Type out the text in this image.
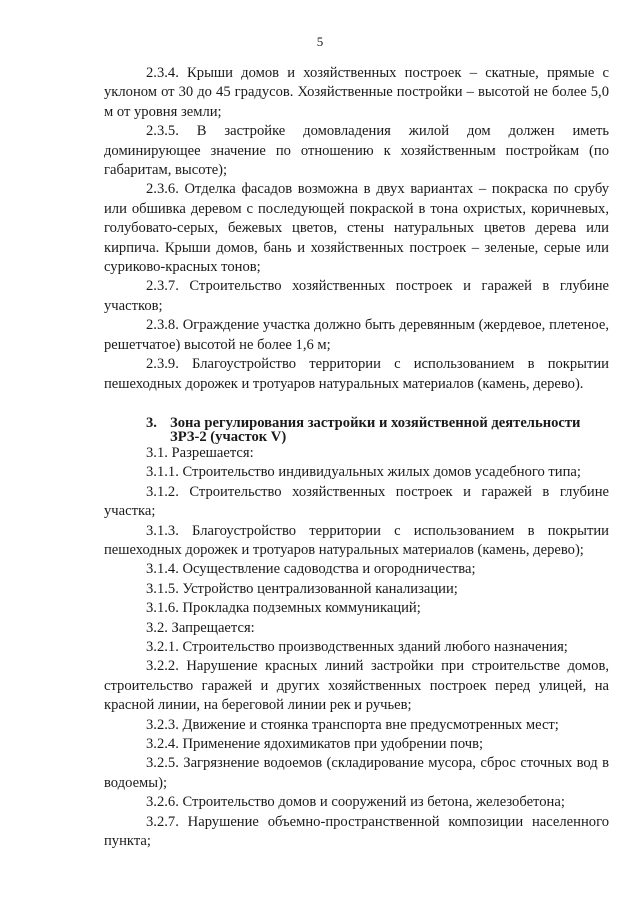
5

2.3.4. Крыши домов и хозяйственных построек – скатные, прямые с уклоном от 30 до 45 градусов. Хозяйственные постройки – высотой не более 5,0 м от уровня земли;

2.3.5. В застройке домовладения жилой дом должен иметь доминирующее значение по отношению к хозяйственным постройкам (по габаритам, высоте);

2.3.6. Отделка фасадов возможна в двух вариантах – покраска по срубу или обшивка деревом с последующей покраской в тона охристых, коричневых, голубовато-серых, бежевых цветов, стены натуральных цветов дерева или кирпича. Крыши домов, бань и хозяйственных построек – зеленые, серые или суриково-красных тонов;

2.3.7. Строительство хозяйственных построек и гаражей в глубине участков;

2.3.8. Ограждение участка должно быть деревянным (жердевое, плетеное, решетчатое) высотой не более 1,6 м;

2.3.9. Благоустройство территории с использованием в покрытии пешеходных дорожек и тротуаров натуральных материалов (камень, дерево).

3. Зона регулирования застройки и хозяйственной деятельности
ЗРЗ-2 (участок V)

3.1. Разрешается:

3.1.1. Строительство индивидуальных жилых домов усадебного типа;

3.1.2. Строительство хозяйственных построек и гаражей в глубине участка;

3.1.3. Благоустройство территории с использованием в покрытии пешеходных дорожек и тротуаров натуральных материалов (камень, дерево);

3.1.4. Осуществление садоводства и огородничества;

3.1.5. Устройство централизованной канализации;

3.1.6. Прокладка подземных коммуникаций;

3.2. Запрещается:

3.2.1. Строительство производственных зданий любого назначения;

3.2.2. Нарушение красных линий застройки при строительстве домов, строительство гаражей и других хозяйственных построек перед улицей, на красной линии, на береговой линии рек и ручьев;

3.2.3. Движение и стоянка транспорта вне предусмотренных мест;

3.2.4. Применение ядохимикатов при удобрении почв;

3.2.5. Загрязнение водоемов (складирование мусора, сброс сточных вод в водоемы);

3.2.6. Строительство домов и сооружений из бетона, железобетона;

3.2.7. Нарушение объемно-пространственной композиции населенного пункта;
